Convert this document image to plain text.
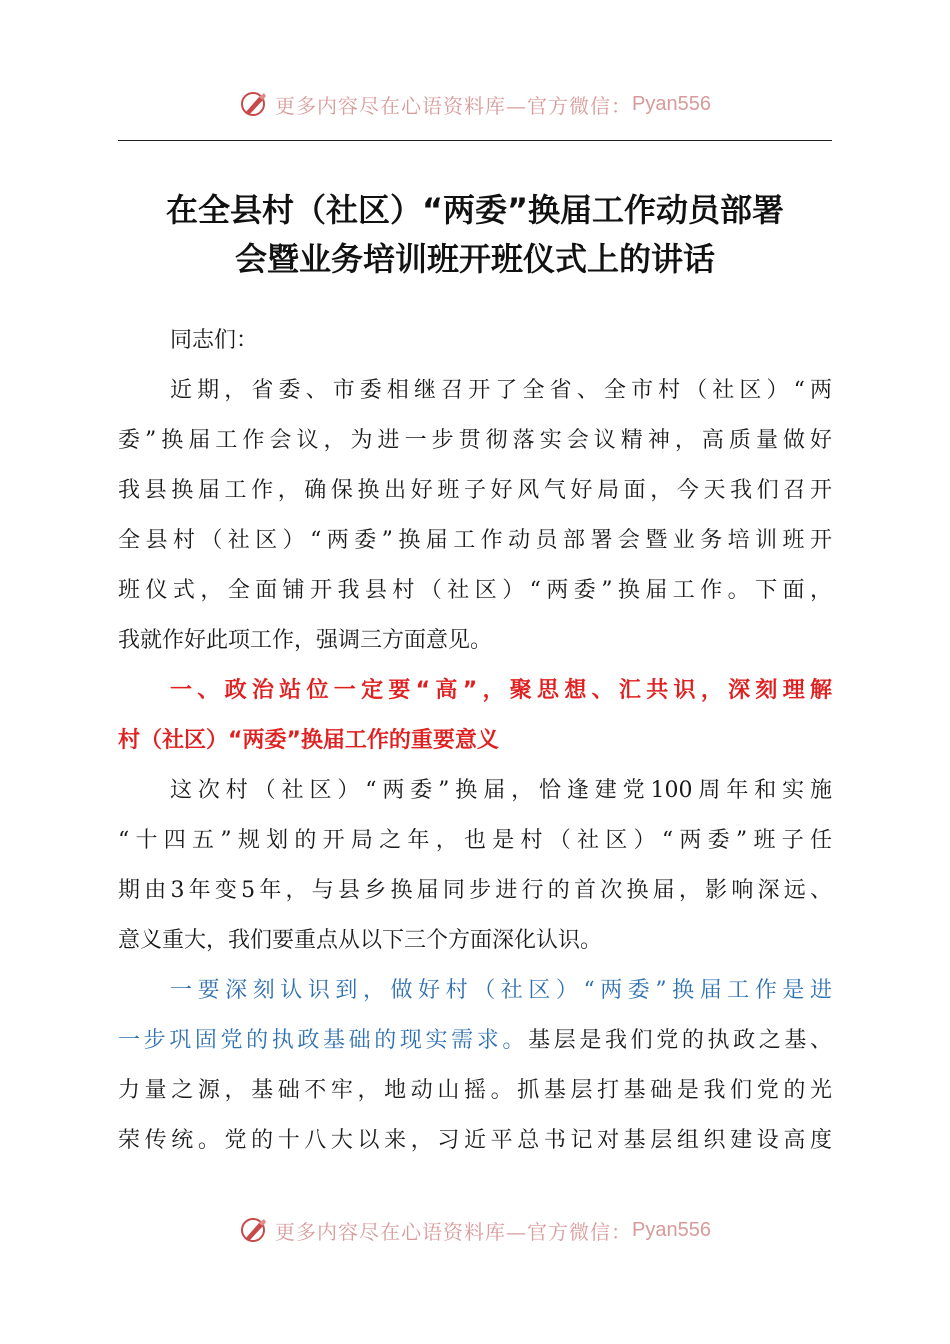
更多内容尽在心语资料库—官方微信： Pyan556
在全县村（社区）“两委”换届工作动员部署
会暨业务培训班开班仪式上的讲话
同志们：
近期，省委、市委相继召开了全省、全市村（社区）“两
委”换届工作会议，为进一步贯彻落实会议精神，高质量做好
我县换届工作，确保换出好班子好风气好局面，今天我们召开
全县村（社区）“两委”换届工作动员部署会暨业务培训班开
班仪式，全面铺开我县村（社区）“两委”换届工作。下面，
我就作好此项工作，强调三方面意见。
一、政治站位一定要“高”，聚思想、汇共识，深刻理解
村（社区）“两委”换届工作的重要意义
这次村（社区）“两委”换届，恰逢建党100周年和实施
“十四五”规划的开局之年，也是村（社区）“两委”班子任
期由3年变5年，与县乡换届同步进行的首次换届，影响深远、
意义重大，我们要重点从以下三个方面深化认识。
一要深刻认识到，做好村（社区）“两委”换届工作是进
一步巩固党的执政基础的现实需求。基层是我们党的执政之基、
力量之源，基础不牢，地动山摇。抓基层打基础是我们党的光
荣传统。党的十八大以来，习近平总书记对基层组织建设高度
更多内容尽在心语资料库—官方微信： Pyan556
